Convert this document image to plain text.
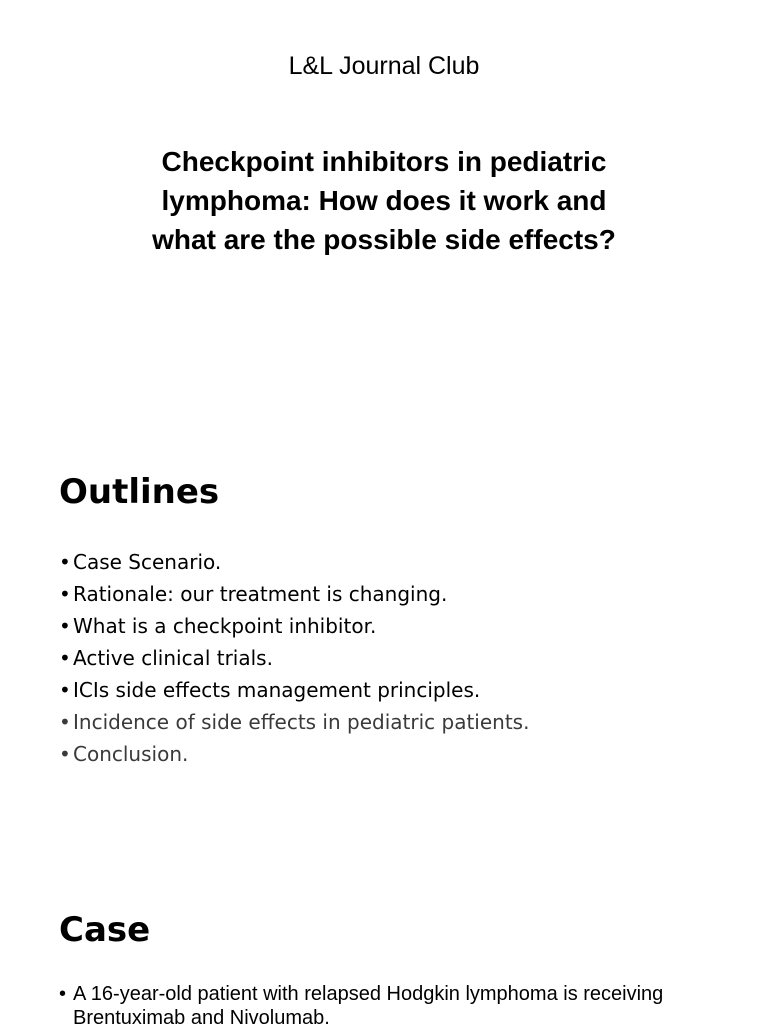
L&L Journal Club
Checkpoint inhibitors in pediatric
lymphoma: How does it work and
what are the possible side effects?
Outlines
• Case Scenario.
• Rationale: our treatment is changing.
• What is a checkpoint inhibitor.
• Active clinical trials.
• ICIs side effects management principles.
• Incidence of side effects in pediatric patients.
• Conclusion.
Case
• A 16-year-old patient with relapsed Hodgkin lymphoma is receiving Brentuximab and Nivolumab.
